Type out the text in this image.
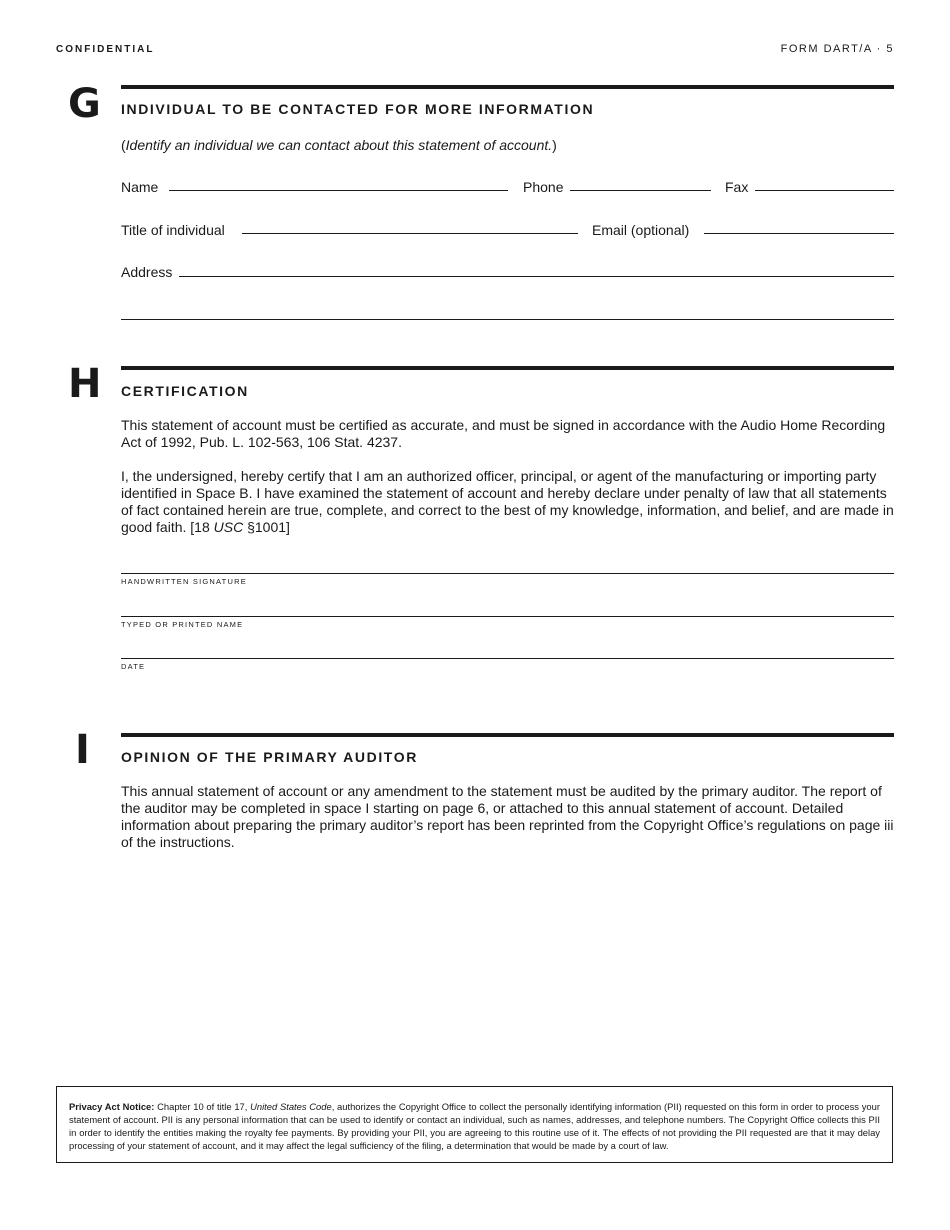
CONFIDENTIAL	FORM DART/A · 5
G INDIVIDUAL TO BE CONTACTED FOR MORE INFORMATION
(Identify an individual we can contact about this statement of account.)
Name	Phone	Fax
Title of individual	Email (optional)
Address
H CERTIFICATION

This statement of account must be certified as accurate, and must be signed in accordance with the Audio Home Recording Act of 1992, Pub. L. 102-563, 106 Stat. 4237.

I, the undersigned, hereby certify that I am an authorized officer, principal, or agent of the manufacturing or importing party identified in Space B. I have examined the statement of account and hereby declare under penalty of law that all statements of fact contained herein are true, complete, and correct to the best of my knowledge, information, and belief, and are made in good faith. [18 USC §1001]

HANDWRITTEN SIGNATURE
TYPED OR PRINTED NAME
DATE
I OPINION OF THE PRIMARY AUDITOR

This annual statement of account or any amendment to the statement must be audited by the primary auditor. The report of the auditor may be completed in space I starting on page 6, or attached to this annual statement of account. Detailed information about preparing the primary auditor’s report has been reprinted from the Copyright Office’s regulations on page iii of the instructions.

Privacy Act Notice: Chapter 10 of title 17, United States Code, authorizes the Copyright Office to collect the personally identifying information (PII) requested on this form in order to process your statement of account. PII is any personal information that can be used to identify or contact an individual, such as names, addresses, and telephone numbers. The Copyright Office collects this PII in order to identify the entities making the royalty fee payments. By providing your PII, you are agreeing to this routine use of it. The effects of not providing the PII requested are that it may delay processing of your statement of account, and it may affect the legal sufficiency of the filing, a determination that would be made by a court of law.
